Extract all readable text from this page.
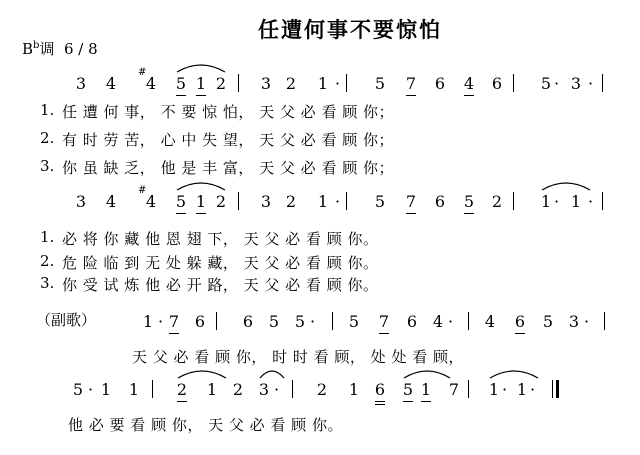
任遭何事不要惊怕
$B^b$调 6 / 8
（副歌）
1. 任 遭 何 事， 不 要 惊 怕， 天 父 必 看 顾 你；
2. 有 时 劳 苦， 心 中 失 望， 天 父 必 看 顾 你；
3. 你 虽 缺 乏， 他 是 丰 富， 天 父 必 看 顾 你；
1. 必 将 你 藏 他 恩 翅 下， 天 父 必 看 顾 你。
2. 危 险 临 到 无 处 躲 藏， 天 父 必 看 顾 你。
3. 你 受 试 炼 他 必 开 路， 天 父 必 看 顾 你。
天 父 必 看 顾 你， 时 时 看 顾， 处 处 看 顾，
他 必 要 看 顾 你， 天 父 必 看 顾 你。
3 4 4
#
5 1 2 3 2 1 · 5 7 6 4 6 5 · 3 ·
3 4 4
#
5 1 2 3 2 1 · 5 7 6 5 2 1 · 1 ·
1 · 7 6 6 5 5 · 5 7 6 4 · 4 6 5 3 ·
5 · 1 1 2 1 2 3 · 2 1 6 5 1 7 1 · 1 ·
